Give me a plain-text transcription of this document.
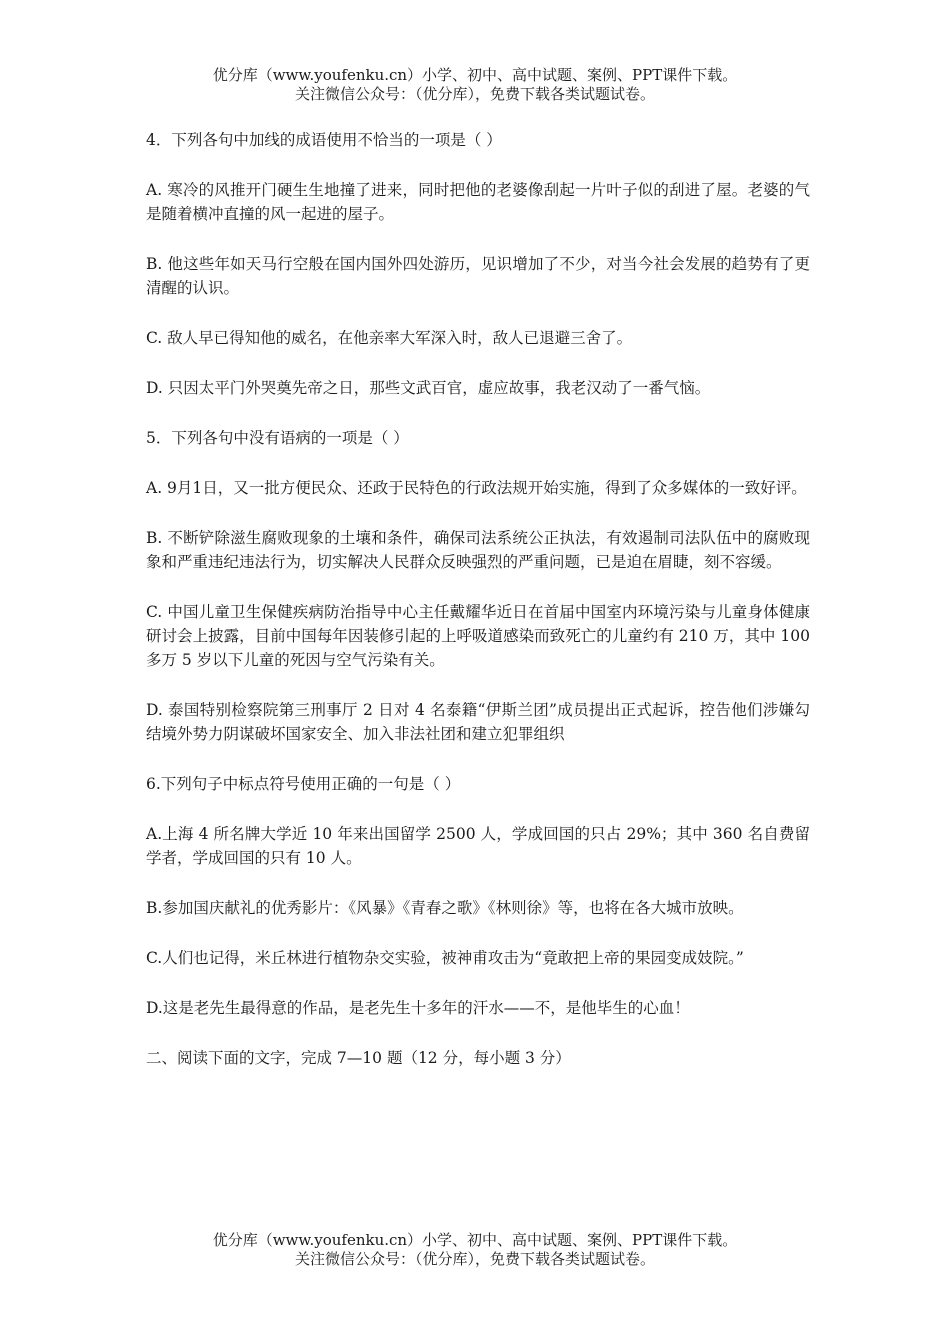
优分库（www.youfenku.cn）小学、初中、高中试题、案例、PPT课件下载。
关注微信公众号：（优分库），免费下载各类试题试卷。

4．下列各句中加线的成语使用不恰当的一项是（ ）

A. 寒冷的风推开门硬生生地撞了进来，同时把他的老婆像刮起一片叶子似的刮进了屋。老婆的气是随着横冲直撞的风一起进的屋子。

B. 他这些年如天马行空般在国内国外四处游历，见识增加了不少，对当今社会发展的趋势有了更清醒的认识。

C. 敌人早已得知他的威名，在他亲率大军深入时，敌人已退避三舍了。

D. 只因太平门外哭奠先帝之日，那些文武百官，虚应故事，我老汉动了一番气恼。

5．下列各句中没有语病的一项是（ ）

A. 9月1日，又一批方便民众、还政于民特色的行政法规开始实施，得到了众多媒体的一致好评。

B. 不断铲除滋生腐败现象的土壤和条件，确保司法系统公正执法，有效遏制司法队伍中的腐败现象和严重违纪违法行为，切实解决人民群众反映强烈的严重问题，已是迫在眉睫，刻不容缓。

C. 中国儿童卫生保健疾病防治指导中心主任戴耀华近日在首届中国室内环境污染与儿童身体健康研讨会上披露，目前中国每年因装修引起的上呼吸道感染而致死亡的儿童约有 210 万，其中 100 多万 5 岁以下儿童的死因与空气污染有关。

D. 泰国特别检察院第三刑事厅 2 日对 4 名泰籍“伊斯兰团”成员提出正式起诉，控告他们涉嫌勾结境外势力阴谋破坏国家安全、加入非法社团和建立犯罪组织

6.下列句子中标点符号使用正确的一句是（ ）

A.上海 4 所名牌大学近 10 年来出国留学 2500 人，学成回国的只占 29%；其中 360 名自费留学者，学成回国的只有 10 人。

B.参加国庆献礼的优秀影片：《风暴》《青春之歌》《林则徐》等，也将在各大城市放映。

C.人们也记得，米丘林进行植物杂交实验，被神甫攻击为“竟敢把上帝的果园变成妓院。”

D.这是老先生最得意的作品，是老先生十多年的汗水——不，是他毕生的心血！

二、阅读下面的文字，完成 7—10 题（12 分，每小题 3 分）

优分库（www.youfenku.cn）小学、初中、高中试题、案例、PPT课件下载。
关注微信公众号：（优分库），免费下载各类试题试卷。
